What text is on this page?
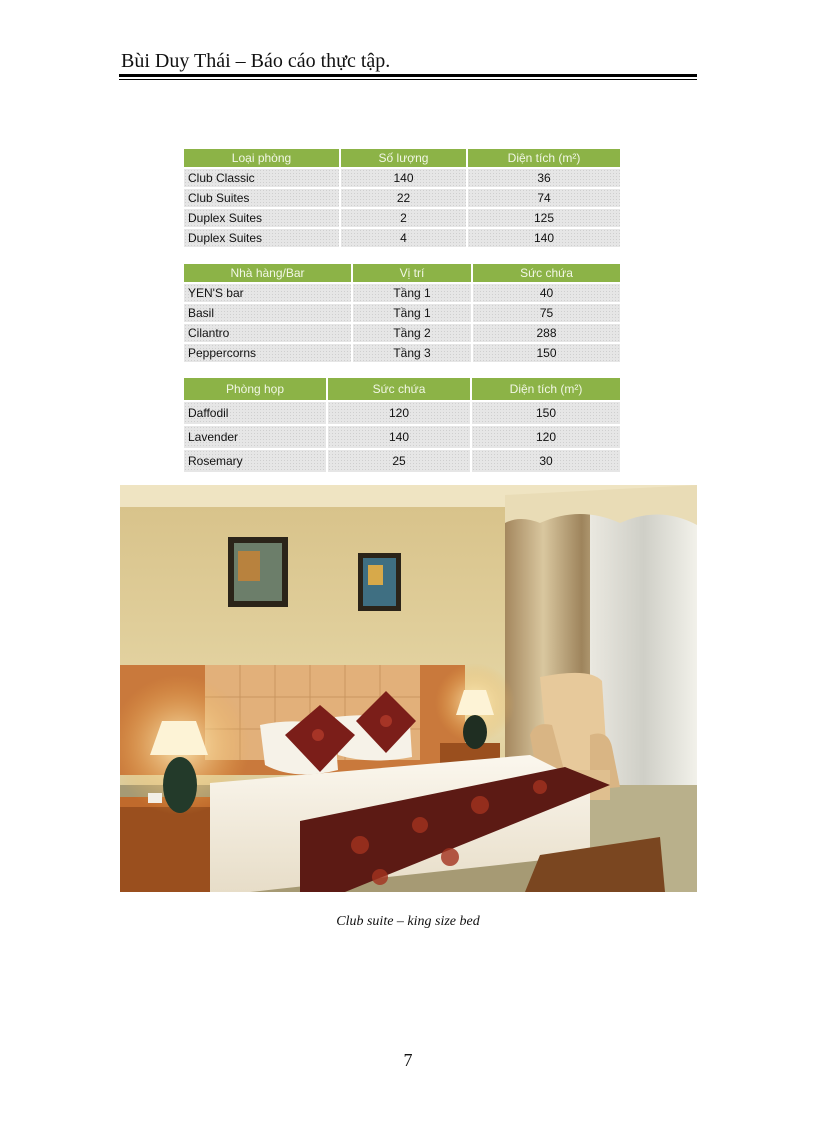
Bùi Duy Thái – Báo cáo thực tập.
Loại phòng	Số lượng	Diện tích (m²)
Club Classic	140	36
Club Suites	22	74
Duplex Suites	2	125
Duplex Suites	4	140
Nhà hàng/Bar	Vị trí	Sức chứa
YEN'S bar	Tầng 1	40
Basil	Tầng 1	75
Cilantro	Tầng 2	288
Peppercorns	Tầng 3	150
Phòng họp	Sức chứa	Diện tích (m²)
Daffodil	120	150
Lavender	140	120
Rosemary	25	30
Club suite – king size bed
7
